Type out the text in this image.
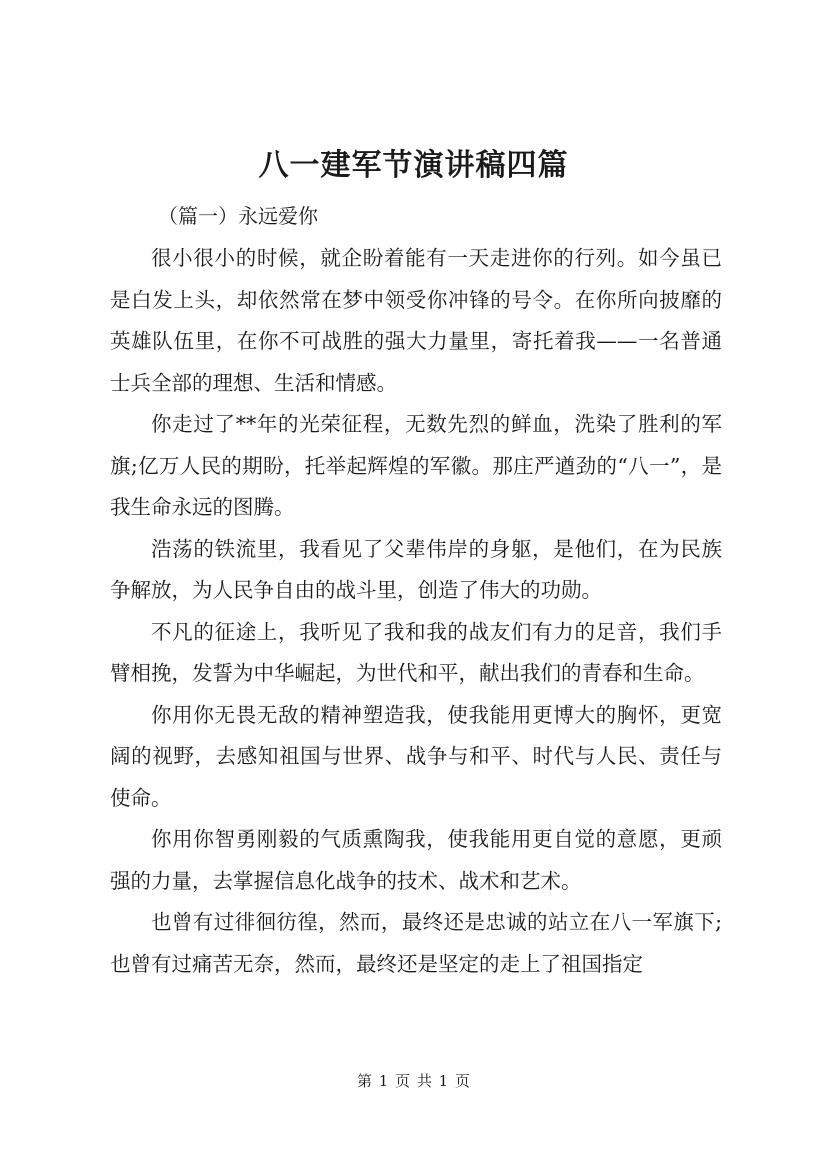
八一建军节演讲稿四篇
（篇一）永远爱你

很小很小的时候，就企盼着能有一天走进你的行列。如今虽已是白发上头，却依然常在梦中领受你冲锋的号令。在你所向披靡的英雄队伍里，在你不可战胜的强大力量里，寄托着我——一名普通士兵全部的理想、生活和情感。

你走过了**年的光荣征程，无数先烈的鲜血，洗染了胜利的军旗;亿万人民的期盼，托举起辉煌的军徽。那庄严遒劲的“八一”，是我生命永远的图腾。

浩荡的铁流里，我看见了父辈伟岸的身躯，是他们，在为民族争解放，为人民争自由的战斗里，创造了伟大的功勋。

不凡的征途上，我听见了我和我的战友们有力的足音，我们手臂相挽，发誓为中华崛起，为世代和平，献出我们的青春和生命。

你用你无畏无敌的精神塑造我，使我能用更博大的胸怀，更宽阔的视野，去感知祖国与世界、战争与和平、时代与人民、责任与使命。

你用你智勇刚毅的气质熏陶我，使我能用更自觉的意愿，更顽强的力量，去掌握信息化战争的技术、战术和艺术。

也曾有过徘徊彷徨，然而，最终还是忠诚的站立在八一军旗下;也曾有过痛苦无奈，然而，最终还是坚定的走上了祖国指定

第 1 页 共 1 页
